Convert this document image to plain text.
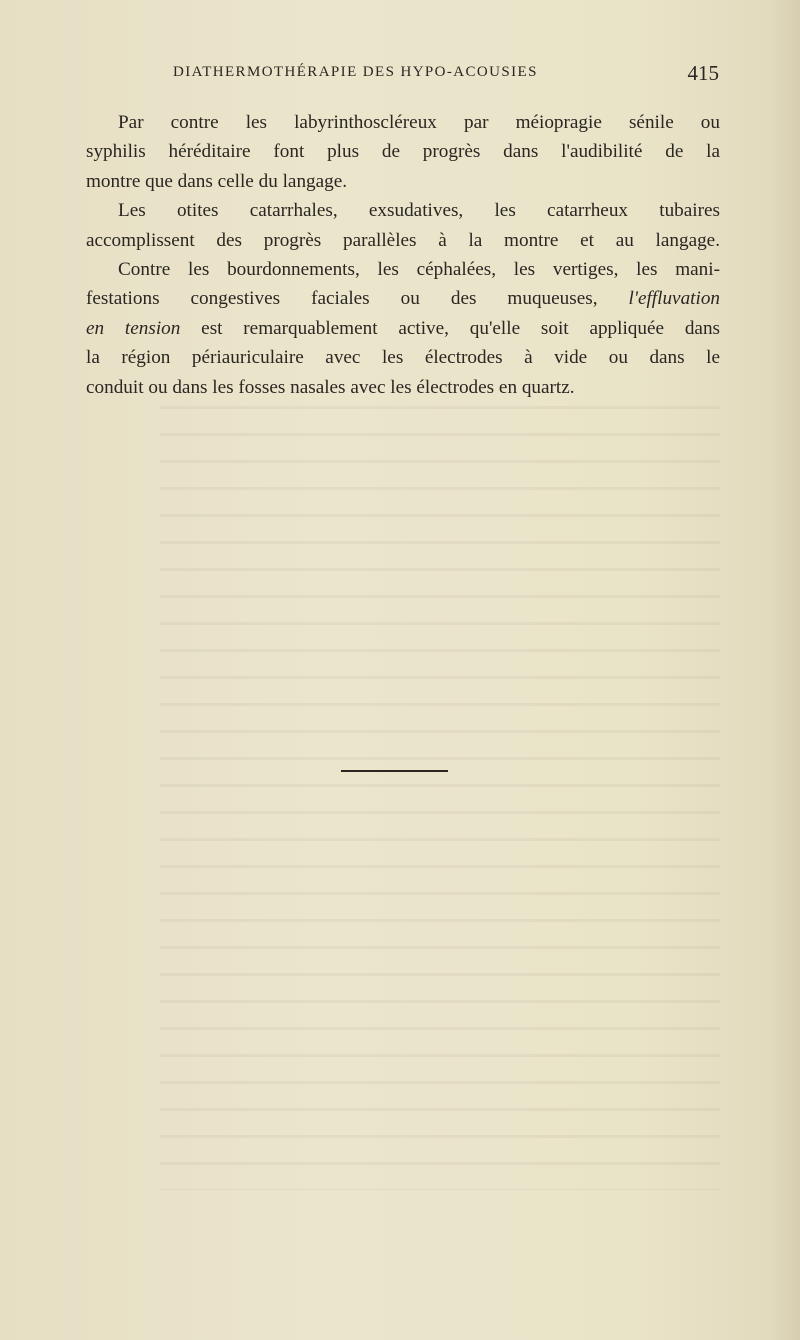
DIATHERMOTHÉRAPIE DES HYPO-ACOUSIES	415
Par contre les labyrinthoscléreux par méiopragie sénile ou
syphilis héréditaire font plus de progrès dans l'audibilité de la
montre que dans celle du langage.
Les otites catarrhales, exsudatives, les catarrheux tubaires
accomplissent des progrès parallèles à la montre et au langage.
Contre les bourdonnements, les céphalées, les vertiges, les mani-
festations congestives faciales ou des muqueuses, l'effluvation
en tension est remarquablement active, qu'elle soit appliquée dans
la région périauriculaire avec les électrodes à vide ou dans le
conduit ou dans les fosses nasales avec les électrodes en quartz.
